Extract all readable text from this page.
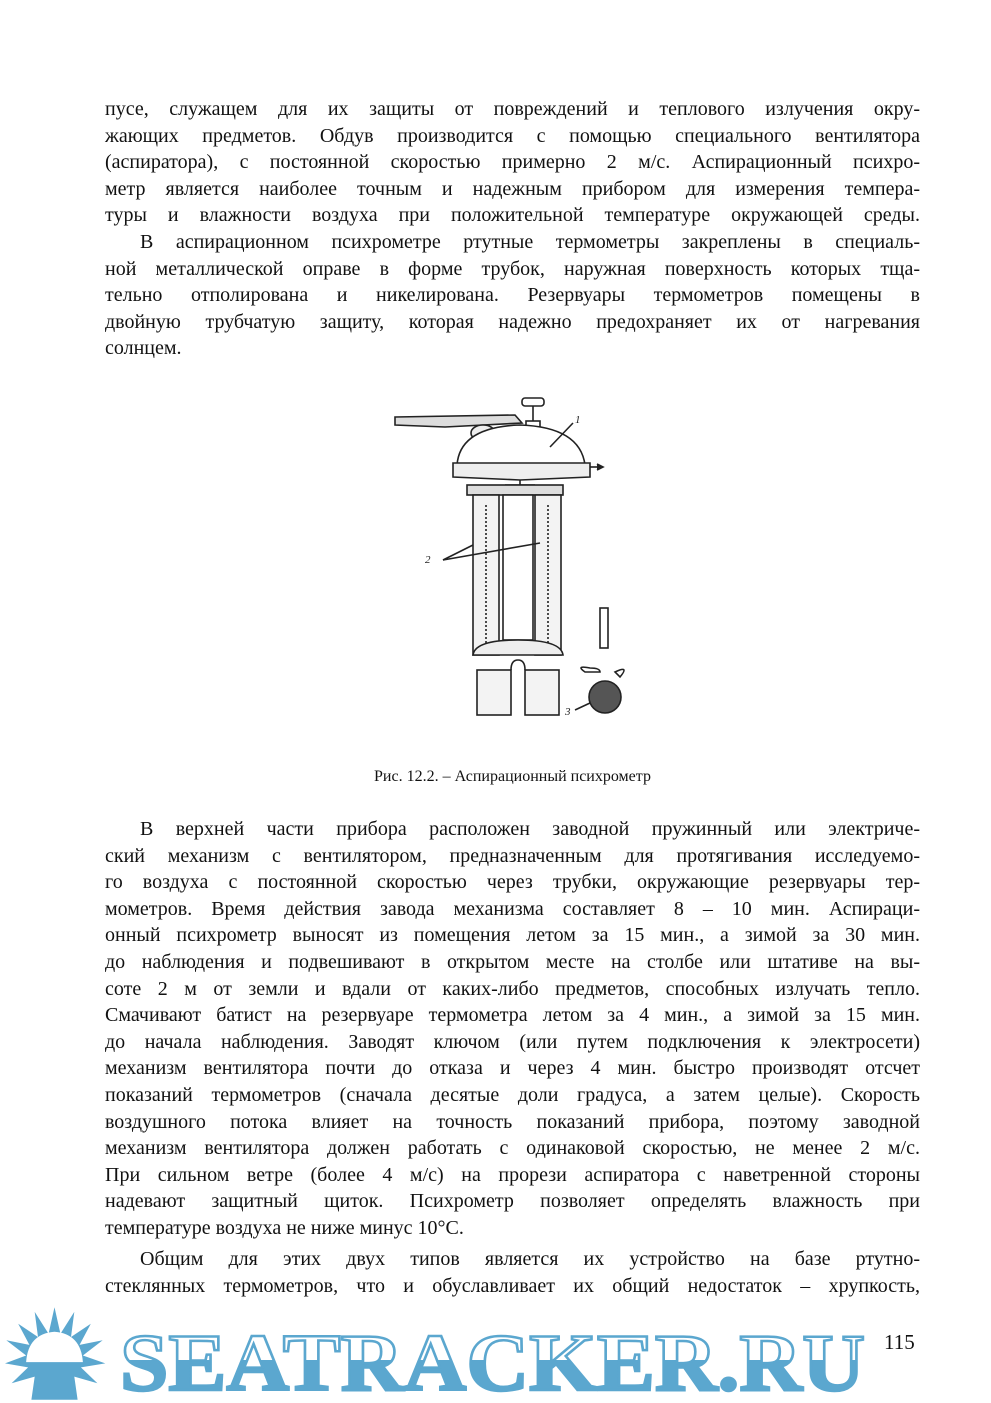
пусе, служащем для их защиты от повреждений и теплового излучения окру-
жающих предметов. Обдув производится с помощью специального вентилятора
(аспиратора), с постоянной скоростью примерно 2 м/с. Аспирационный психро-
метр является наиболее точным и надежным прибором для измерения темпера-
туры и влажности воздуха при положительной температуре окружающей среды.
В аспирационном психрометре ртутные термометры закреплены в специаль-
ной металлической оправе в форме трубок, наружная поверхность которых тща-
тельно отполирована и никелирована. Резервуары термометров помещены в
двойную трубчатую защиту, которая надежно предохраняет их от нагревания
солнцем.
1
2
3
Рис. 12.2. – Аспирационный психрометр
В верхней части прибора расположен заводной пружинный или электриче-
ский механизм с вентилятором, предназначенным для протягивания исследуемо-
го воздуха с постоянной скоростью через трубки, окружающие резервуары тер-
мометров. Время действия завода механизма составляет 8 – 10 мин. Аспираци-
онный психрометр выносят из помещения летом за 15 мин., а зимой за 30 мин.
до наблюдения и подвешивают в открытом месте на столбе или штативе на вы-
соте 2 м от земли и вдали от каких-либо предметов, способных излучать тепло.
Смачивают батист на резервуаре термометра летом за 4 мин., а зимой за 15 мин.
до начала наблюдения. Заводят ключом (или путем подключения к электросети)
механизм вентилятора почти до отказа и через 4 мин. быстро производят отсчет
показаний термометров (сначала десятые доли градуса, а затем целые). Скорость
воздушного потока влияет на точность показаний прибора, поэтому заводной
механизм вентилятора должен работать с одинаковой скоростью, не менее 2 м/с.
При сильном ветре (более 4 м/с) на прорези аспиратора с наветренной стороны
надевают защитный щиток. Психрометр позволяет определять влажность при
температуре воздуха не ниже минус 10°С.
Общим для этих двух типов является их устройство на базе ртутно-
стеклянных термометров, что и обуславливает их общий недостаток – хрупкость,
SEATRACKER.RU 115
